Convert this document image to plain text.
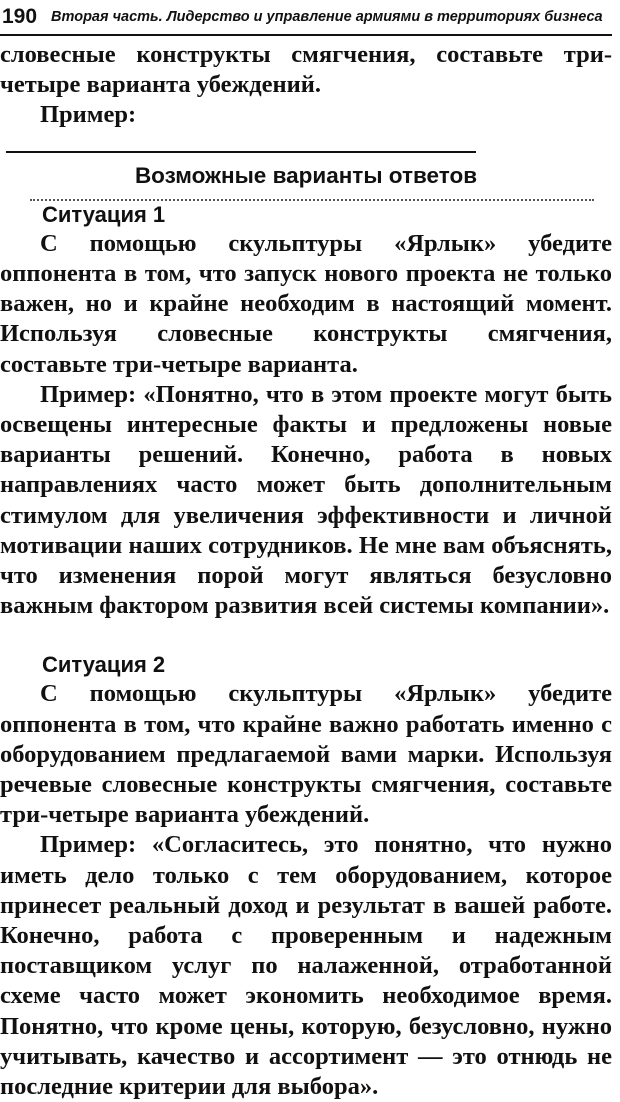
190 Вторая часть. Лидерство и управление армиями в территориях бизнеса

словесные конструкты смягчения, составьте три-четыре варианта убеждений.

Пример:

Возможные варианты ответов

Ситуация 1

С помощью скульптуры «Ярлык» убедите оппонента в том, что запуск нового проекта не только важен, но и крайне необходим в настоящий момент. Используя словесные конструкты смягчения, составьте три-четыре варианта.

Пример: «Понятно, что в этом проекте могут быть освещены интересные факты и предложены новые варианты решений. Конечно, работа в новых направлениях часто может быть дополнительным стимулом для увеличения эффективности и личной мотивации наших сотрудников. Не мне вам объяснять, что изменения порой могут являться безусловно важным фактором развития всей системы компании».

Ситуация 2

С помощью скульптуры «Ярлык» убедите оппонента в том, что крайне важно работать именно с оборудованием предлагаемой вами марки. Используя речевые словесные конструкты смягчения, составьте три-четыре варианта убеждений.

Пример: «Согласитесь, это понятно, что нужно иметь дело только с тем оборудованием, которое принесет реальный доход и результат в вашей работе. Конечно, работа с проверенным и надежным поставщиком услуг по налаженной, отработанной схеме часто может экономить необходимое время. Понятно, что кроме цены, которую, безусловно, нужно учитывать, качество и ассортимент — это отнюдь не последние критерии для выбора».
